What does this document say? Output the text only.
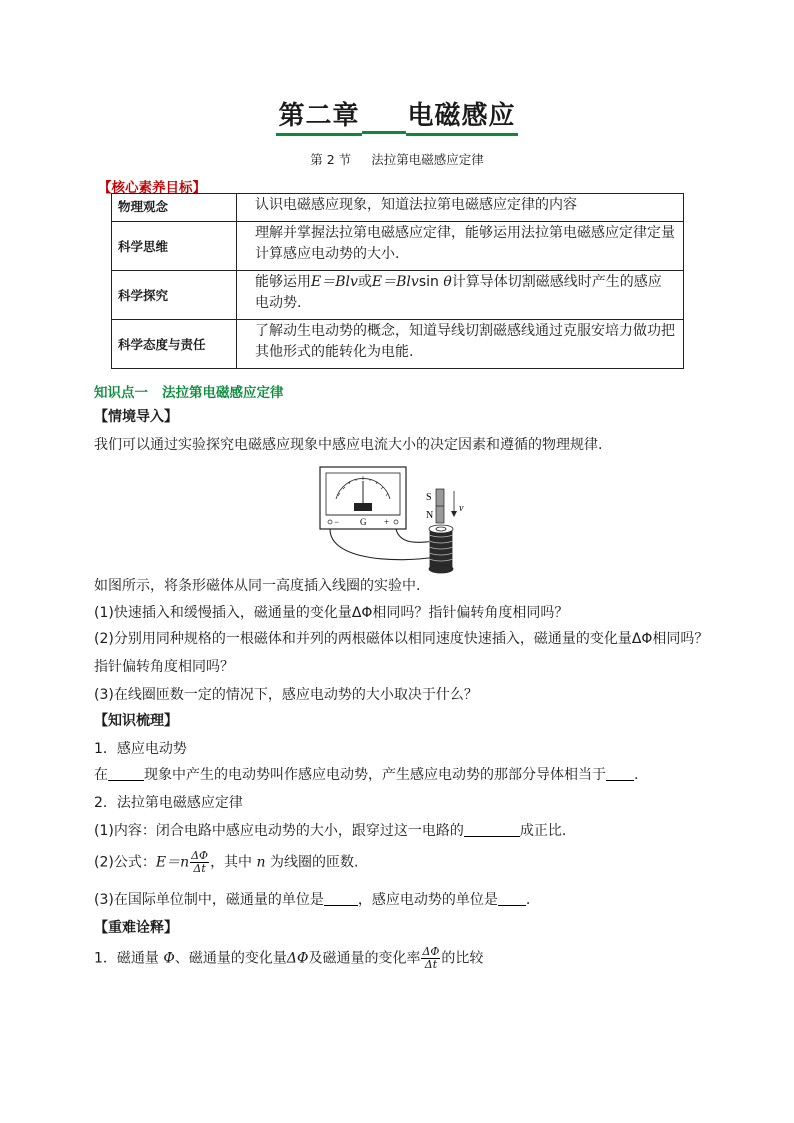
第二章 电磁感应
第 2 节 法拉第电磁感应定律
【核心素养目标】
物理观念	认识电磁感应现象，知道法拉第电磁感应定律的内容
科学思维	理解并掌握法拉第电磁感应定律，能够运用法拉第电磁感应定律定量计算感应电动势的大小.
科学探究	能够运用E＝Blv或E＝Blvsin θ计算导体切割磁感线时产生的感应电动势.
科学态度与责任	了解动生电动势的概念，知道导线切割磁感线通过克服安培力做功把其他形式的能转化为电能.
知识点一 法拉第电磁感应定律
【情境导入】
我们可以通过实验探究电磁感应现象中感应电流大小的决定因素和遵循的物理规律.
− G +
S
N
v
如图所示，将条形磁体从同一高度插入线圈的实验中.
(1)快速插入和缓慢插入，磁通量的变化量ΔΦ相同吗？指针偏转角度相同吗？
(2)分别用同种规格的一根磁体和并列的两根磁体以相同速度快速插入，磁通量的变化量ΔΦ相同吗？
指针偏转角度相同吗？
(3)在线圈匝数一定的情况下，感应电动势的大小取决于什么？
【知识梳理】
1．感应电动势
在	现象中产生的电动势叫作感应电动势，产生感应电动势的那部分导体相当于 .
2．法拉第电磁感应定律
(1)内容：闭合电路中感应电动势的大小，跟穿过这一电路的	成正比.
(2)公式：$E=n \frac{\Delta\Phi}{\Delta t}$ ，其中 n 为线圈的匝数.
(3)在国际单位制中，磁通量的单位是 ，感应电动势的单位是 .
【重难诠释】
1．磁通量 Φ、磁通量的变化量ΔΦ及磁通量的变化率 $\frac{\Delta\Phi}{\Delta t}$ 的比较
